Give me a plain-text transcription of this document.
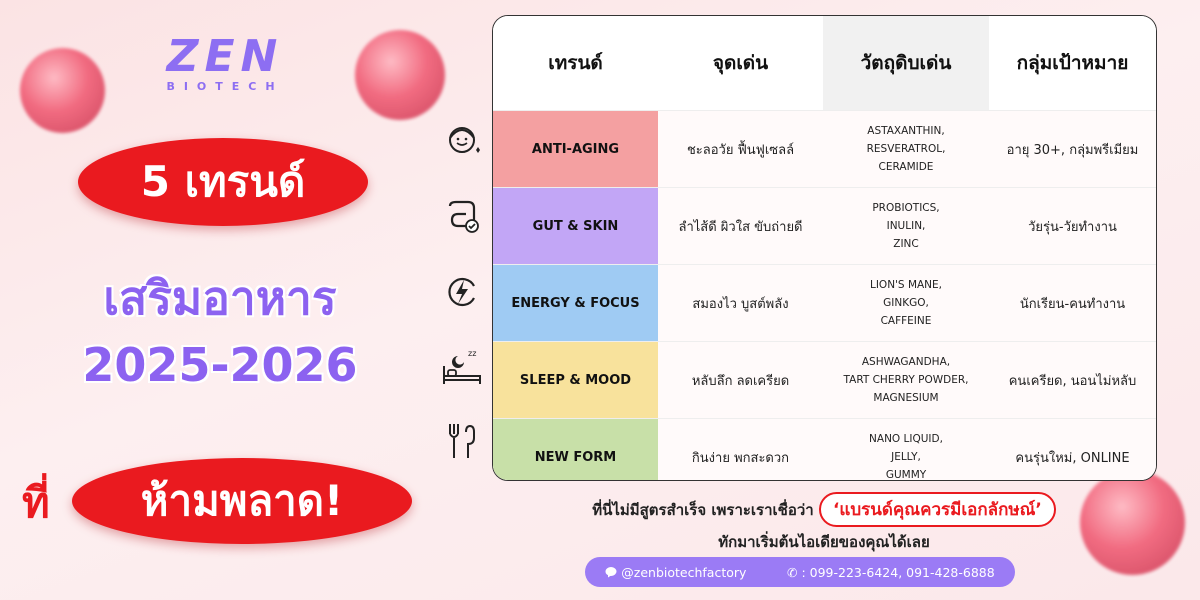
ZEN
BIOTECH
5 เทรนด์
เสริมอาหาร
2025-2026
ที่	ห้ามพลาด!
zz
เทรนด์	จุดเด่น	วัตถุดิบเด่น	กลุ่มเป้าหมาย
ANTI-AGING	ชะลอวัย ฟื้นฟูเซลล์	ASTAXANTHIN,
RESVERATROL,
CERAMIDE	อายุ 30+, กลุ่มพรีเมียม
GUT & SKIN	ลำไส้ดี ผิวใส ขับถ่ายดี	PROBIOTICS,
INULIN,
ZINC	วัยรุ่น-วัยทำงาน
ENERGY & FOCUS	สมองไว บูสต์พลัง	LION'S MANE,
GINKGO,
CAFFEINE	นักเรียน-คนทำงาน
SLEEP & MOOD	หลับลึก ลดเครียด	ASHWAGANDHA,
TART CHERRY POWDER,
MAGNESIUM	คนเครียด, นอนไม่หลับ
NEW FORM	กินง่าย พกสะดวก	NANO LIQUID,
JELLY,
GUMMY	คนรุ่นใหม่, ONLINE
ที่นี่ไม่มีสูตรสำเร็จ เพราะเราเชื่อว่า ‘แบรนด์คุณควรมีเอกลักษณ์’
ทักมาเริ่มต้นไอเดียของคุณได้เลย
@zenbiotechfactory	✆ : 099-223-6424, 091-428-6888
